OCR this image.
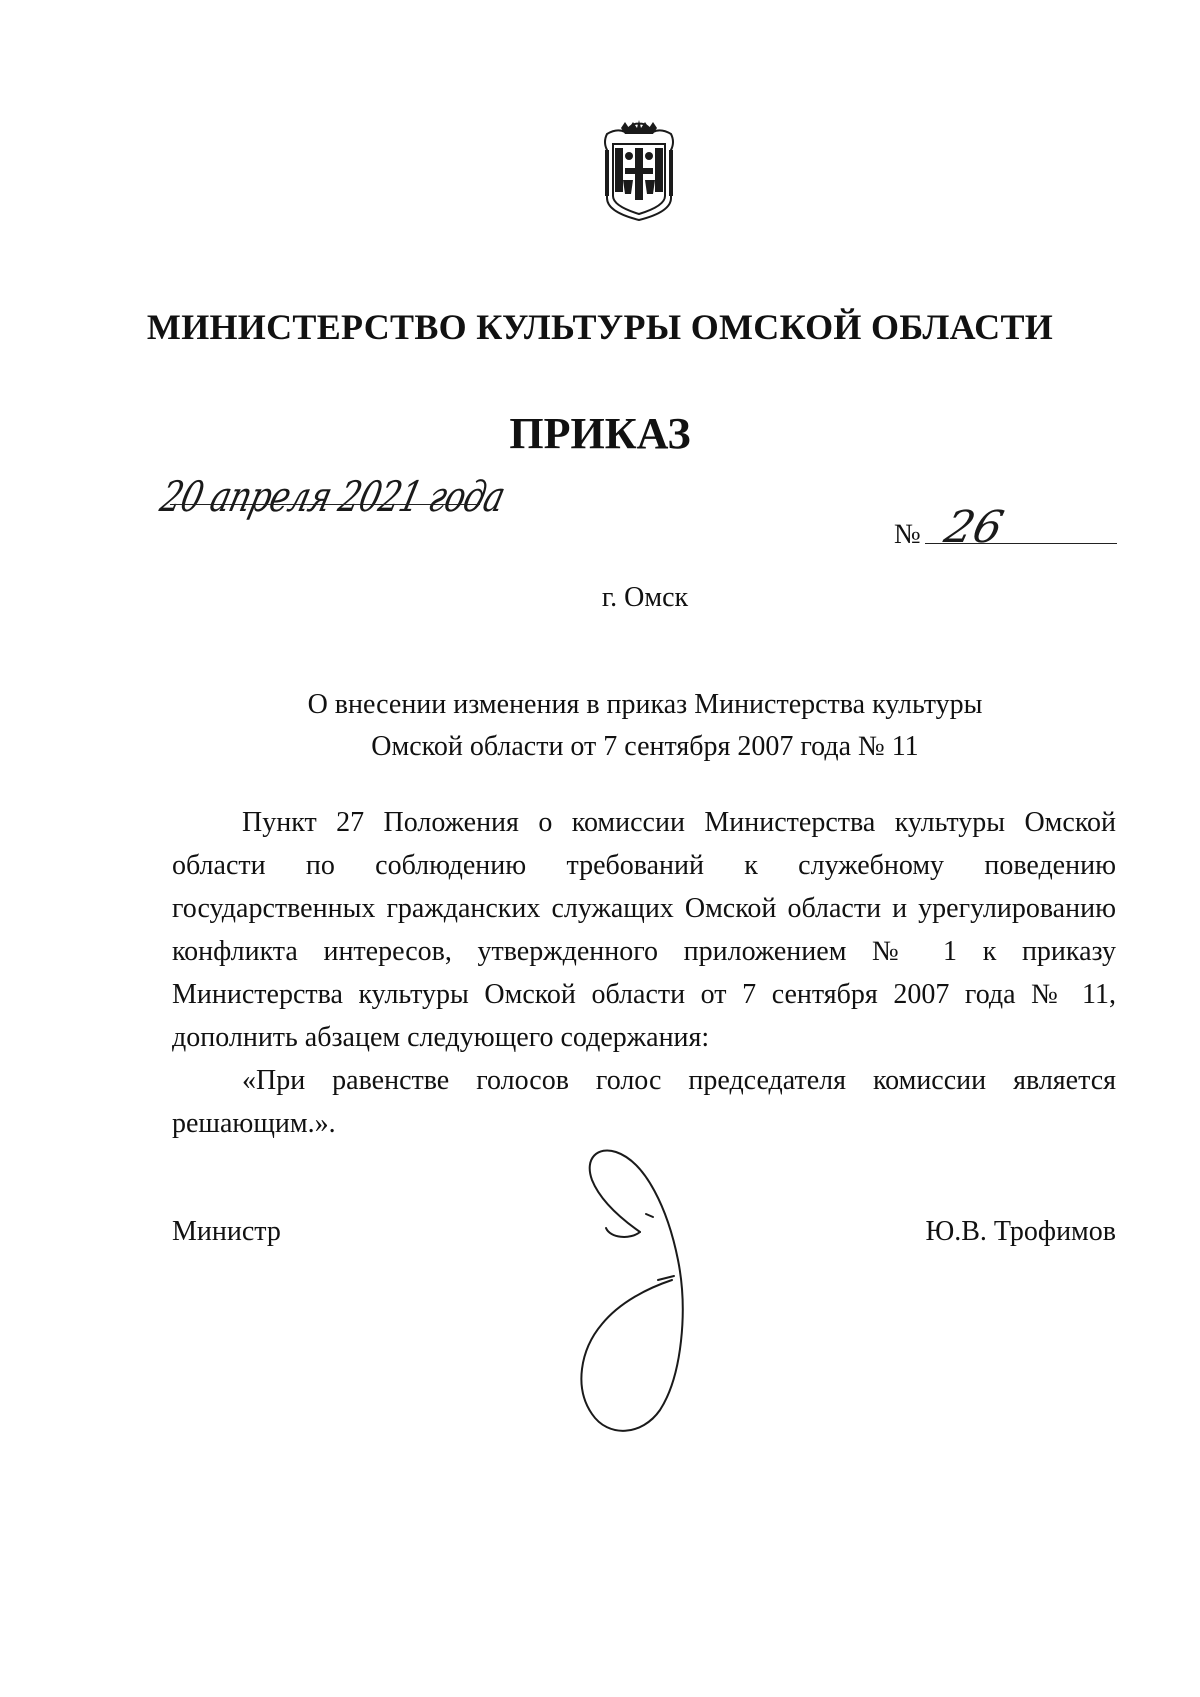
МИНИСТЕРСТВО КУЛЬТУРЫ ОМСКОЙ ОБЛАСТИ
ПРИКАЗ
20 апреля 2021 года
№ 26
г. Омск
О внесении изменения в приказ Министерства культуры
Омской области от 7 сентября 2007 года № 11

Пункт 27 Положения о комиссии Министерства культуры Омской области по соблюдению требований к служебному поведению государственных гражданских служащих Омской области и урегулированию конфликта интересов, утвержденного приложением № 1 к приказу Министерства культуры Омской области от 7 сентября 2007 года № 11, дополнить абзацем следующего содержания:

«При равенстве голосов голос председателя комиссии является решающим.».

Министр	Ю.В. Трофимов
